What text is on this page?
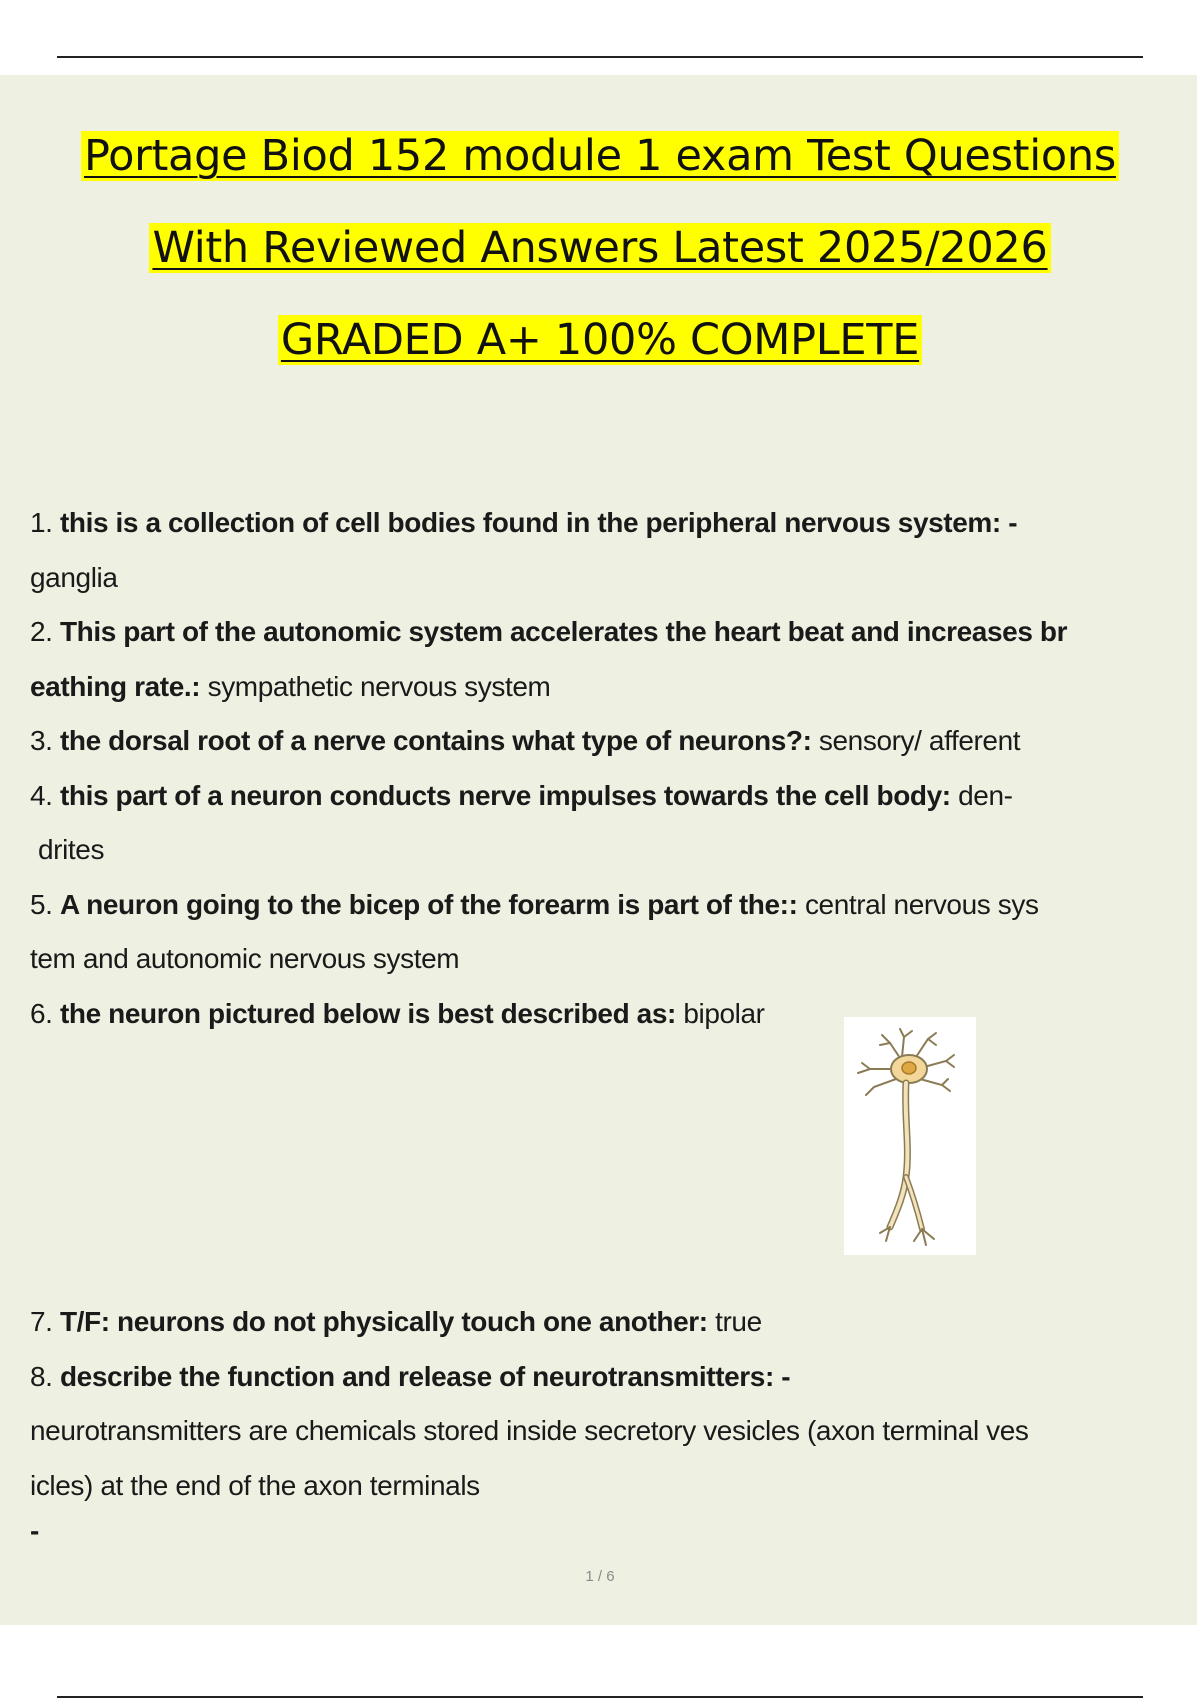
Portage Biod 152 module 1 exam Test Questions
With Reviewed Answers Latest 2025/2026
GRADED A+ 100% COMPLETE
1. this is a collection of cell bodies found in the peripheral nervous system: -
ganglia
2. This part of the autonomic system accelerates the heart beat and increases br
eathing rate.: sympathetic nervous system
3. the dorsal root of a nerve contains what type of neurons?: sensory/ afferent
4. this part of a neuron conducts nerve impulses towards the cell body: den-
drites
5. A neuron going to the bicep of the forearm is part of the:: central nervous sys
tem and autonomic nervous system
6. the neuron pictured below is best described as: bipolar
7. T/F: neurons do not physically touch one another: true
8. describe the function and release of neurotransmitters: -
neurotransmitters are chemicals stored inside secretory vesicles (axon terminal ves
icles) at the end of the axon terminals
-
1 / 6
